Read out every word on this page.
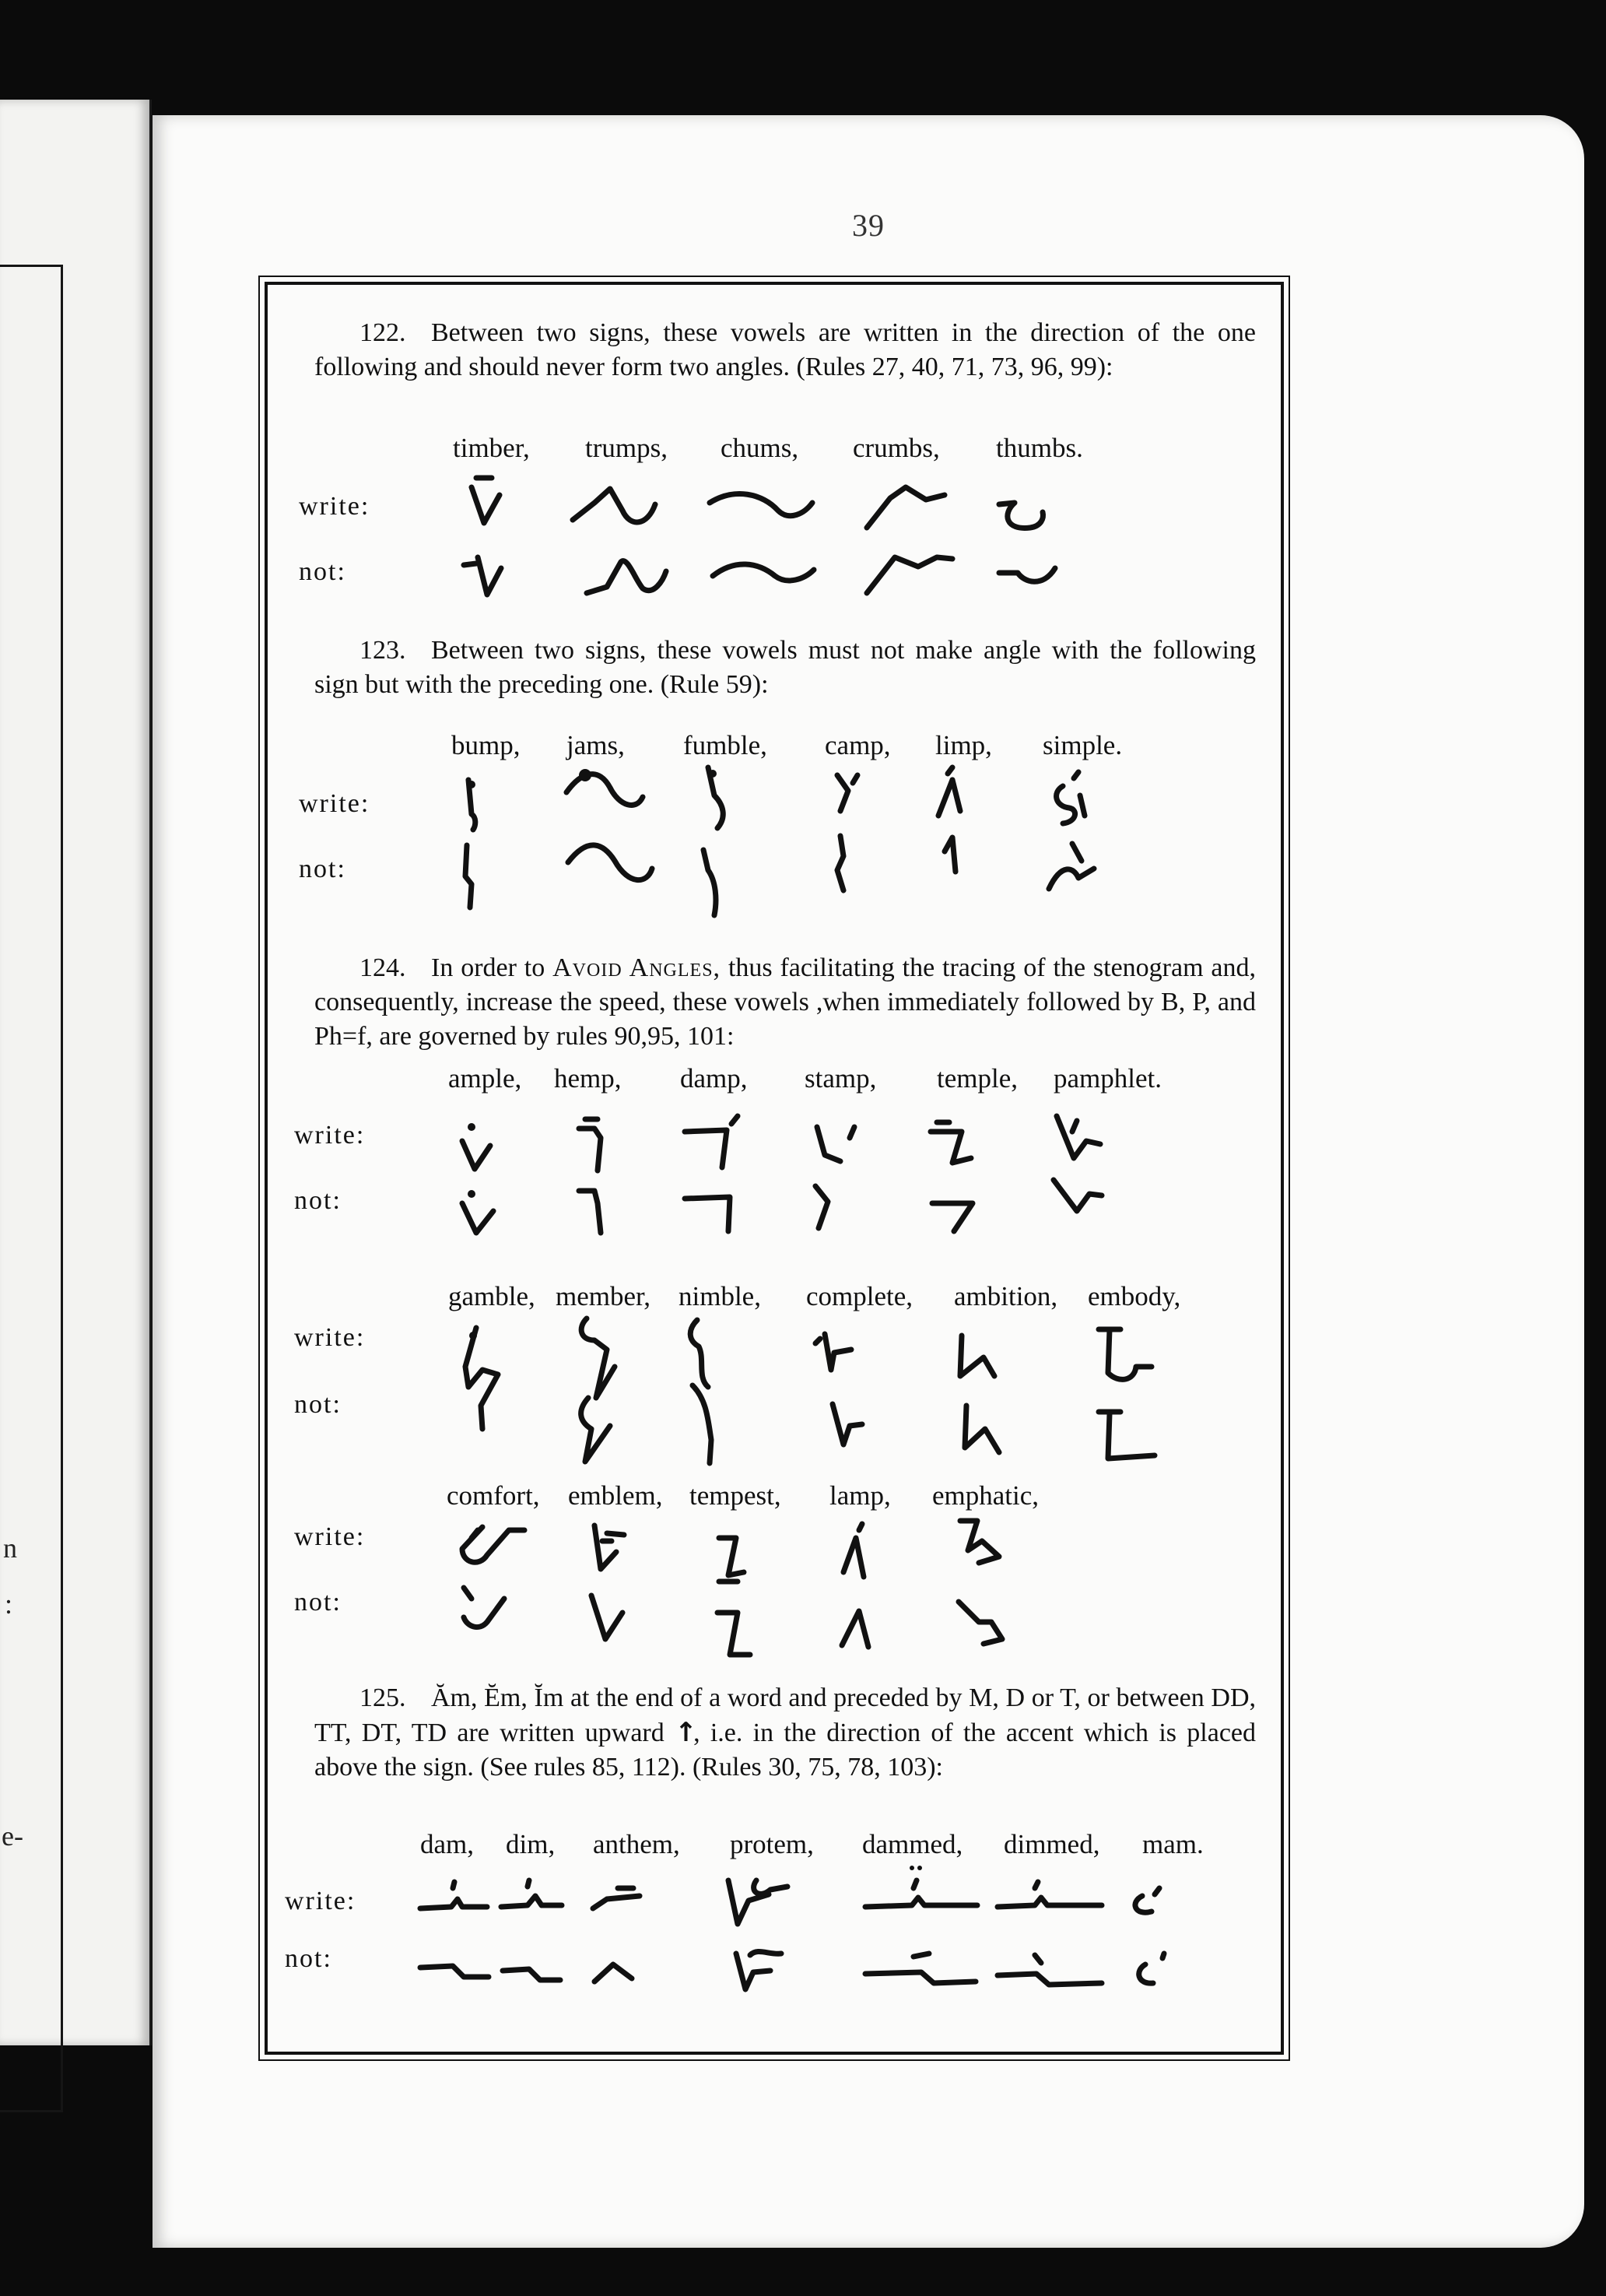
n
:
e-
39
122. Between two signs, these vowels are written in the direction of the one following and should never form two angles. (Rules 27, 40, 71, 73, 96, 99):
timber, trumps, chums, crumbs, thumbs.
write:
not:
123. Between two signs, these vowels must not make angle with the following sign but with the preceding one. (Rule 59):
bump, jams, fumble, camp, limp, simple.
write:
not:
124. In order to Avoid Angles, thus facilitating the tracing of the stenogram and, consequently, increase the speed, these vowels ,when immediately followed by B, P, and Ph=f, are governed by rules 90,95, 101:
ample, hemp, damp, stamp, temple, pamphlet.
write:
not:
gamble, member, nimble, complete, ambition, embody,
write:
not:
comfort, emblem, tempest, lamp, emphatic,
write:
not:
125. Ăm, Ĕm, Ĭm at the end of a word and preceded by M, D or T, or between DD, TT, DT, TD are written upward ↑, i.e. in the direction of the accent which is placed above the sign. (See rules 85, 112). (Rules 30, 75, 78, 103):
dam, dim, anthem, protem, dammed, dimmed, mam.
write:
not:
